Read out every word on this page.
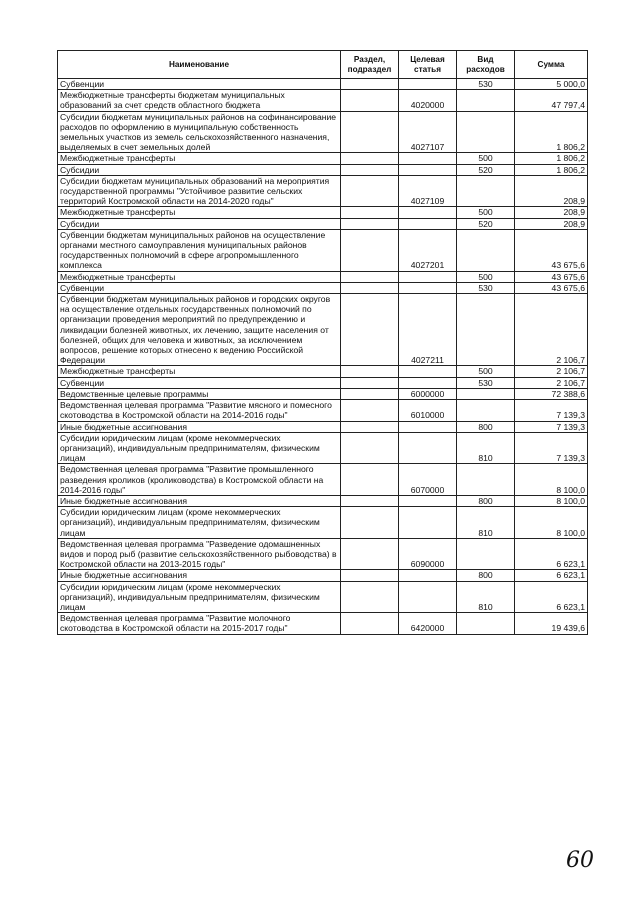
Наименование	Раздел, подраздел	Целевая статья	Вид расходов	Сумма
Субвенции			530	5 000,0
Межбюджетные трансферты бюджетам муниципальных образований за счет средств областного бюджета		4020000		47 797,4
Субсидии бюджетам муниципальных районов на софинансирование расходов по оформлению в муниципальную собственность земельных участков из земель сельскохозяйственного назначения, выделяемых в счет земельных долей		4027107		1 806,2
Межбюджетные трансферты			500	1 806,2
Субсидии			520	1 806,2
Субсидии бюджетам муниципальных образований на мероприятия государственной программы "Устойчивое развитие сельских территорий Костромской области на 2014-2020 годы"		4027109		208,9
Межбюджетные трансферты			500	208,9
Субсидии			520	208,9
Субвенции бюджетам муниципальных районов на осуществление органами местного самоуправления муниципальных районов государственных полномочий в сфере агропромышленного комплекса		4027201		43 675,6
Межбюджетные трансферты			500	43 675,6
Субвенции			530	43 675,6
Субвенции бюджетам муниципальных районов и городских округов на осуществление отдельных государственных полномочий по организации проведения мероприятий по предупреждению и ликвидации болезней животных, их лечению, защите населения от болезней, общих для человека и животных, за исключением вопросов, решение которых отнесено к ведению Российской Федерации		4027211		2 106,7
Межбюджетные трансферты			500	2 106,7
Субвенции			530	2 106,7
Ведомственные целевые программы		6000000		72 388,6
Ведомственная целевая программа "Развитие мясного и помесного скотоводства в Костромской области на 2014-2016 годы"		6010000		7 139,3
Иные бюджетные ассигнования			800	7 139,3
Субсидии юридическим лицам (кроме некоммерческих организаций), индивидуальным предпринимателям, физическим лицам			810	7 139,3
Ведомственная целевая программа "Развитие промышленного разведения кроликов (кролиководства) в Костромской области на 2014-2016 годы"		6070000		8 100,0
Иные бюджетные ассигнования			800	8 100,0
Субсидии юридическим лицам (кроме некоммерческих организаций), индивидуальным предпринимателям, физическим лицам			810	8 100,0
Ведомственная целевая программа "Разведение одомашненных видов и пород рыб (развитие сельскохозяйственного рыбоводства) в Костромской области на 2013-2015 годы"		6090000		6 623,1
Иные бюджетные ассигнования			800	6 623,1
Субсидии юридическим лицам (кроме некоммерческих организаций), индивидуальным предпринимателям, физическим лицам			810	6 623,1
Ведомственная целевая программа "Развитие молочного скотоводства в Костромской области на 2015-2017 годы"		6420000		19 439,6
60
